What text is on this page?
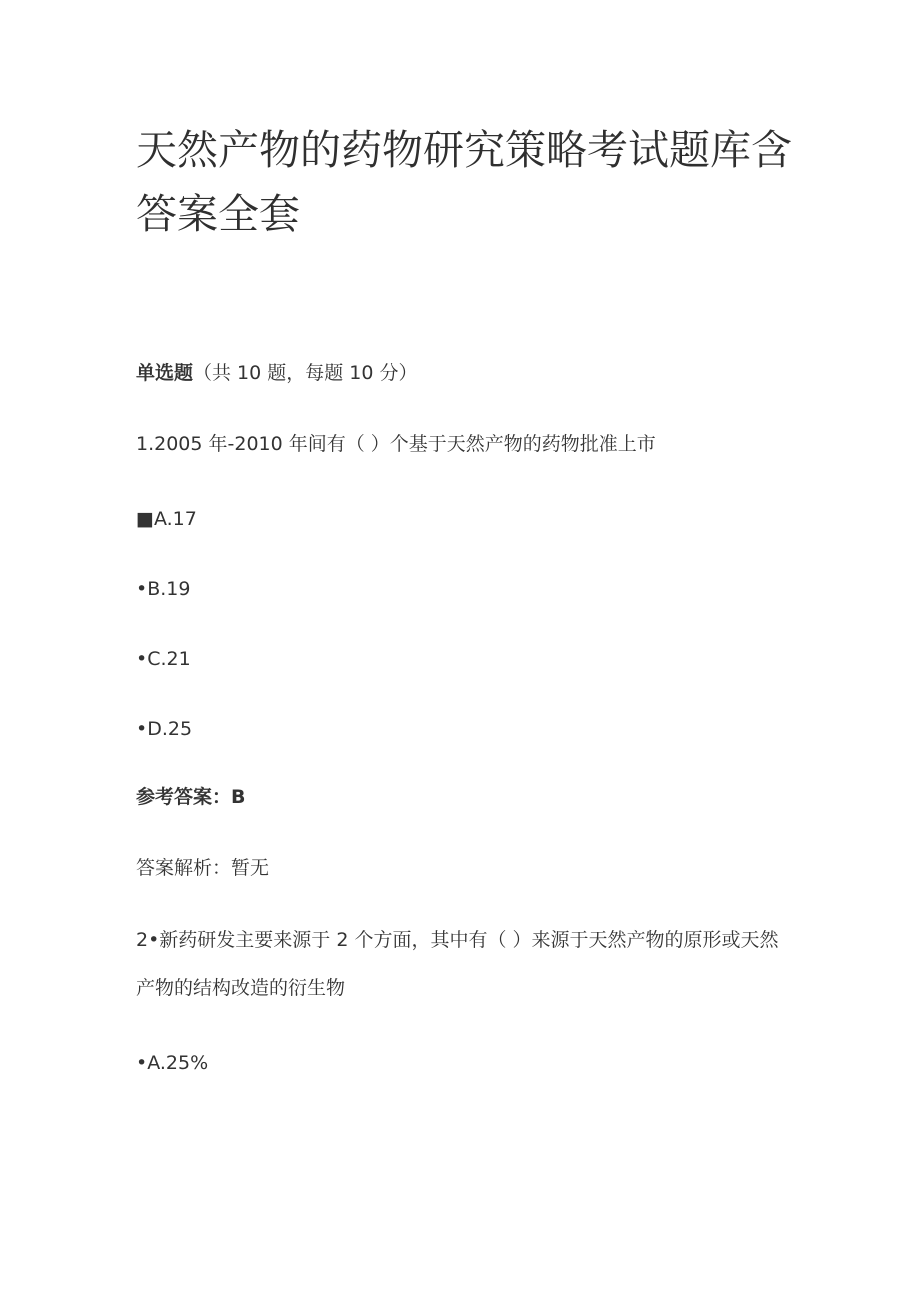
天然产物的药物研究策略考试题库含答案全套

单选题（共 10 题，每题 10 分）

1.2005 年-2010 年间有（ ）个基于天然产物的药物批准上市

■A.17

•B.19

•C.21

•D.25

参考答案：B

答案解析：暂无

2•新药研发主要来源于 2 个方面，其中有（ ）来源于天然产物的原形或天然产物的结构改造的衍生物

•A.25%
